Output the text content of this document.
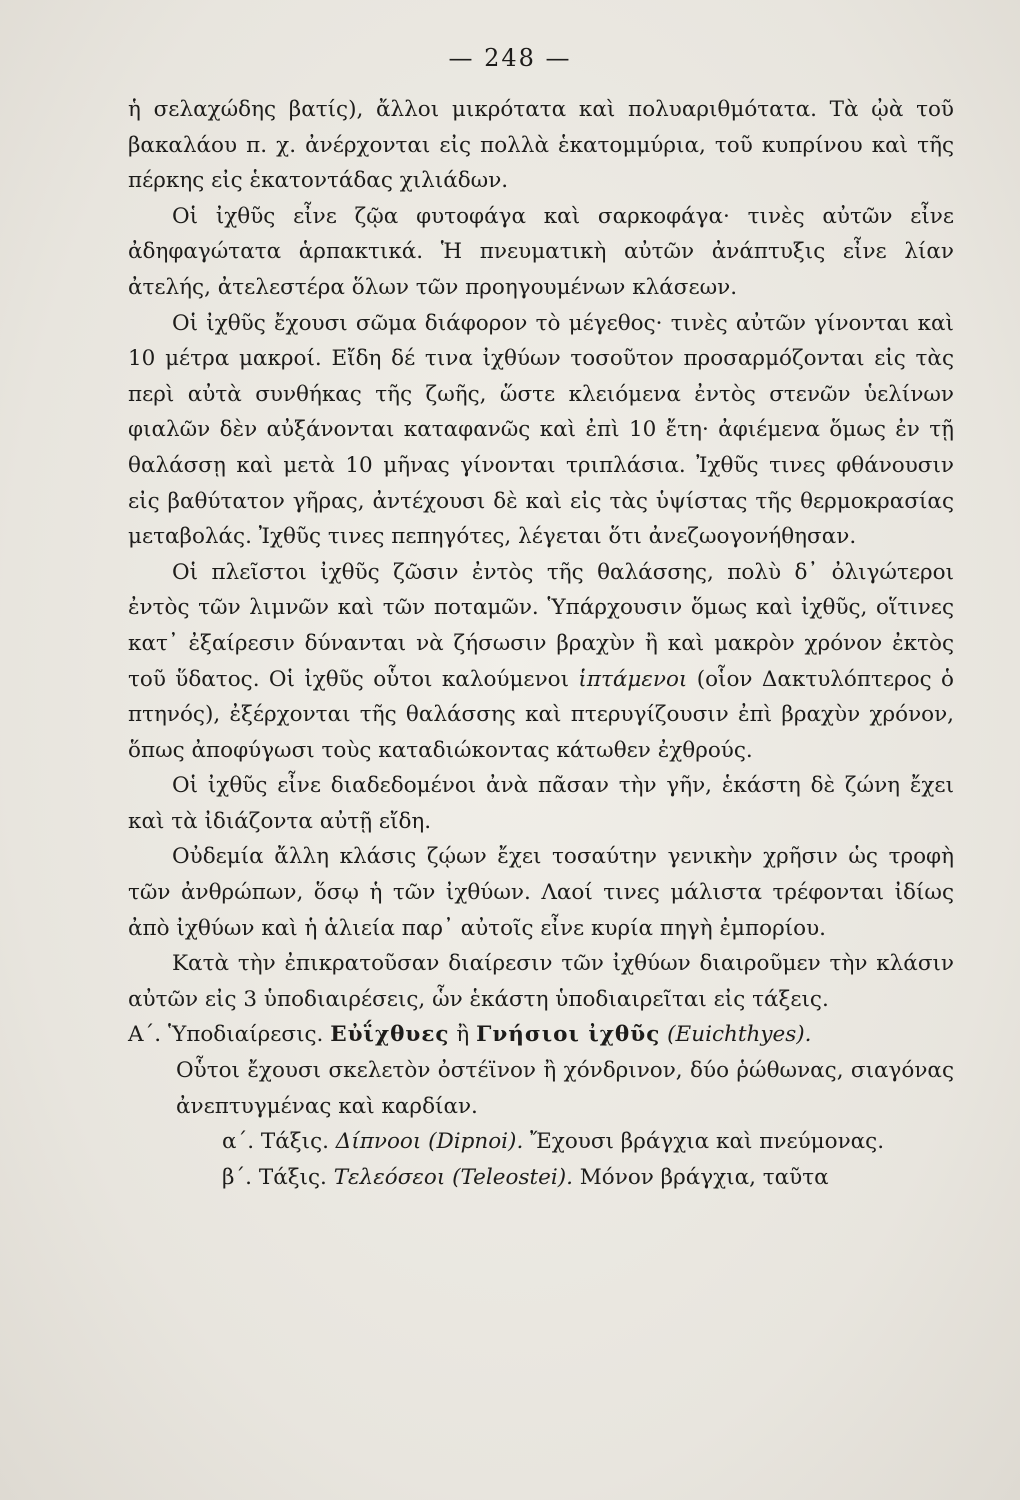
— 248 —

ἡ σελαχώδης βατίς), ἄλλοι μικρότατα καὶ πολυαριθμότατα. Τὰ ᾠὰ τοῦ βακαλάου π. χ. ἀνέρχονται εἰς πολλὰ ἑκατομμύρια, τοῦ κυπρίνου καὶ τῆς πέρκης εἰς ἑκατοντάδας χιλιάδων.

Οἱ ἰχθῦς εἶνε ζῷα φυτοφάγα καὶ σαρκοφάγα· τινὲς αὐτῶν εἶνε ἀδηφαγώτατα ἁρπακτικά. Ἡ πνευματικὴ αὐτῶν ἀνάπτυξις εἶνε λίαν ἀτελής, ἀτελεστέρα ὅλων τῶν προηγουμένων κλάσεων.

Οἱ ἰχθῦς ἔχουσι σῶμα διάφορον τὸ μέγεθος· τινὲς αὐτῶν γίνονται καὶ 10 μέτρα μακροί. Εἴδη δέ τινα ἰχθύων τοσοῦτον προσαρμόζονται εἰς τὰς περὶ αὐτὰ συνθήκας τῆς ζωῆς, ὥστε κλειόμενα ἐντὸς στενῶν ὑελίνων φιαλῶν δὲν αὐξάνονται καταφανῶς καὶ ἐπὶ 10 ἔτη· ἀφιέμενα ὅμως ἐν τῇ θαλάσσῃ καὶ μετὰ 10 μῆνας γίνονται τριπλάσια. Ἰχθῦς τινες φθάνουσιν εἰς βαθύτατον γῆρας, ἀντέχουσι δὲ καὶ εἰς τὰς ὑψίστας τῆς θερμοκρασίας μεταβολάς. Ἰχθῦς τινες πεπηγότες, λέγεται ὅτι ἀνεζωογονήθησαν.

Οἱ πλεῖστοι ἰχθῦς ζῶσιν ἐντὸς τῆς θαλάσσης, πολὺ δ᾽ ὀλιγώτεροι ἐντὸς τῶν λιμνῶν καὶ τῶν ποταμῶν. Ὑπάρχουσιν ὅμως καὶ ἰχθῦς, οἵτινες κατ᾽ ἐξαίρεσιν δύνανται νὰ ζήσωσιν βραχὺν ἢ καὶ μακρὸν χρόνον ἐκτὸς τοῦ ὕδατος. Οἱ ἰχθῦς οὗτοι καλούμενοι ἱπτάμενοι (οἷον Δακτυλόπτερος ὁ πτηνός), ἐξέρχονται τῆς θαλάσσης καὶ πτερυγίζουσιν ἐπὶ βραχὺν χρόνον, ὅπως ἀποφύγωσι τοὺς καταδιώκοντας κάτωθεν ἐχθρούς.

Οἱ ἰχθῦς εἶνε διαδεδομένοι ἀνὰ πᾶσαν τὴν γῆν, ἑκάστη δὲ ζώνη ἔχει καὶ τὰ ἰδιάζοντα αὐτῇ εἴδη.

Οὐδεμία ἄλλη κλάσις ζῴων ἔχει τοσαύτην γενικὴν χρῆσιν ὡς τροφὴ τῶν ἀνθρώπων, ὅσῳ ἡ τῶν ἰχθύων. Λαοί τινες μάλιστα τρέφονται ἰδίως ἀπὸ ἰχθύων καὶ ἡ ἁλιεία παρ᾽ αὐτοῖς εἶνε κυρία πηγὴ ἐμπορίου.

Κατὰ τὴν ἐπικρατοῦσαν διαίρεσιν τῶν ἰχθύων διαιροῦμεν τὴν κλάσιν αὐτῶν εἰς 3 ὑποδιαιρέσεις, ὧν ἑκάστη ὑποδιαιρεῖται εἰς τάξεις.

Α΄. Ὑποδιαίρεσις. Εὐΐχθυες ἢ Γνήσιοι ἰχθῦς (Euichthyes).

Οὗτοι ἔχουσι σκελετὸν ὀστέϊνον ἢ χόνδρινον, δύο ῥώθωνας, σιαγόνας ἀνεπτυγμένας καὶ καρδίαν.

α΄. Τάξις. Δίπνοοι (Dipnoi). Ἔχουσι βράγχια καὶ πνεύμονας.

β΄. Τάξις. Τελεόσεοι (Teleostei). Μόνον βράγχια, ταῦτα
